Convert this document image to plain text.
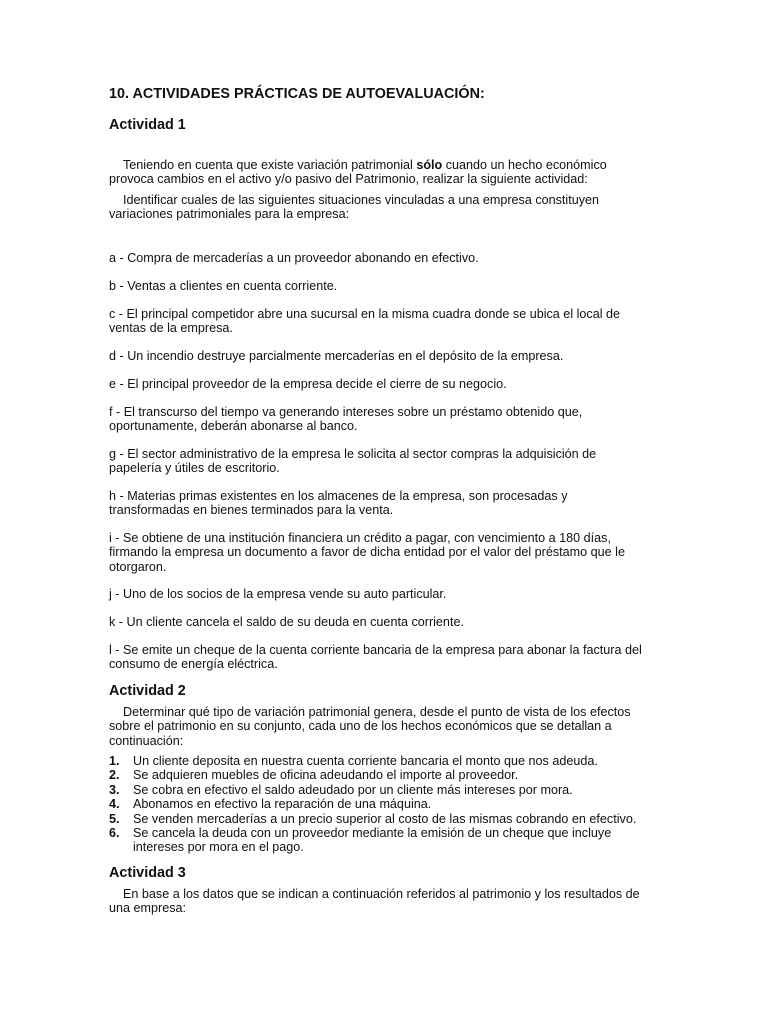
10. ACTIVIDADES PRÁCTICAS DE AUTOEVALUACIÓN:
Actividad 1

Teniendo en cuenta que existe variación patrimonial sólo cuando un hecho económico provoca cambios en el activo y/o pasivo del Patrimonio, realizar la siguiente actividad:

Identificar cuales de las siguientes situaciones vinculadas a una empresa constituyen variaciones patrimoniales para la empresa:

a - Compra de mercaderías a un proveedor abonando en efectivo.

b - Ventas a clientes en cuenta corriente.

c - El principal competidor abre una sucursal en la misma cuadra donde se ubica el local de ventas de la empresa.

d - Un incendio destruye parcialmente mercaderías en el depósito de la empresa.

e - El principal proveedor de la empresa decide el cierre de su negocio.

f - El transcurso del tiempo va generando intereses sobre un préstamo obtenido que, oportunamente, deberán abonarse al banco.

g - El sector administrativo de la empresa le solicita al sector compras la adquisición de papelería y útiles de escritorio.

h - Materias primas existentes en los almacenes de la empresa, son procesadas y transformadas en bienes terminados para la venta.

i - Se obtiene de una institución financiera un crédito a pagar, con vencimiento a 180 días, firmando la empresa un documento a favor de dicha entidad por el valor del préstamo que le otorgaron.

j - Uno de los socios de la empresa vende su auto particular.

k - Un cliente cancela el saldo de su deuda en cuenta corriente.

l - Se emite un cheque de la cuenta corriente bancaria de la empresa para abonar la factura del consumo de energía eléctrica.

Actividad 2

Determinar qué tipo de variación patrimonial genera, desde el punto de vista de los efectos sobre el patrimonio en su conjunto, cada uno de los hechos económicos que se detallan a continuación:

1. Un cliente deposita en nuestra cuenta corriente bancaria el monto que nos adeuda.
2. Se adquieren muebles de oficina adeudando el importe al proveedor.
3. Se cobra en efectivo el saldo adeudado por un cliente más intereses por mora.
4. Abonamos en efectivo la reparación de una máquina.
5. Se venden mercaderías a un precio superior al costo de las mismas cobrando en efectivo.
6. Se cancela la deuda con un proveedor mediante la emisión de un cheque que incluye intereses por mora en el pago.
Actividad 3

En base a los datos que se indican a continuación referidos al patrimonio y los resultados de una empresa:
